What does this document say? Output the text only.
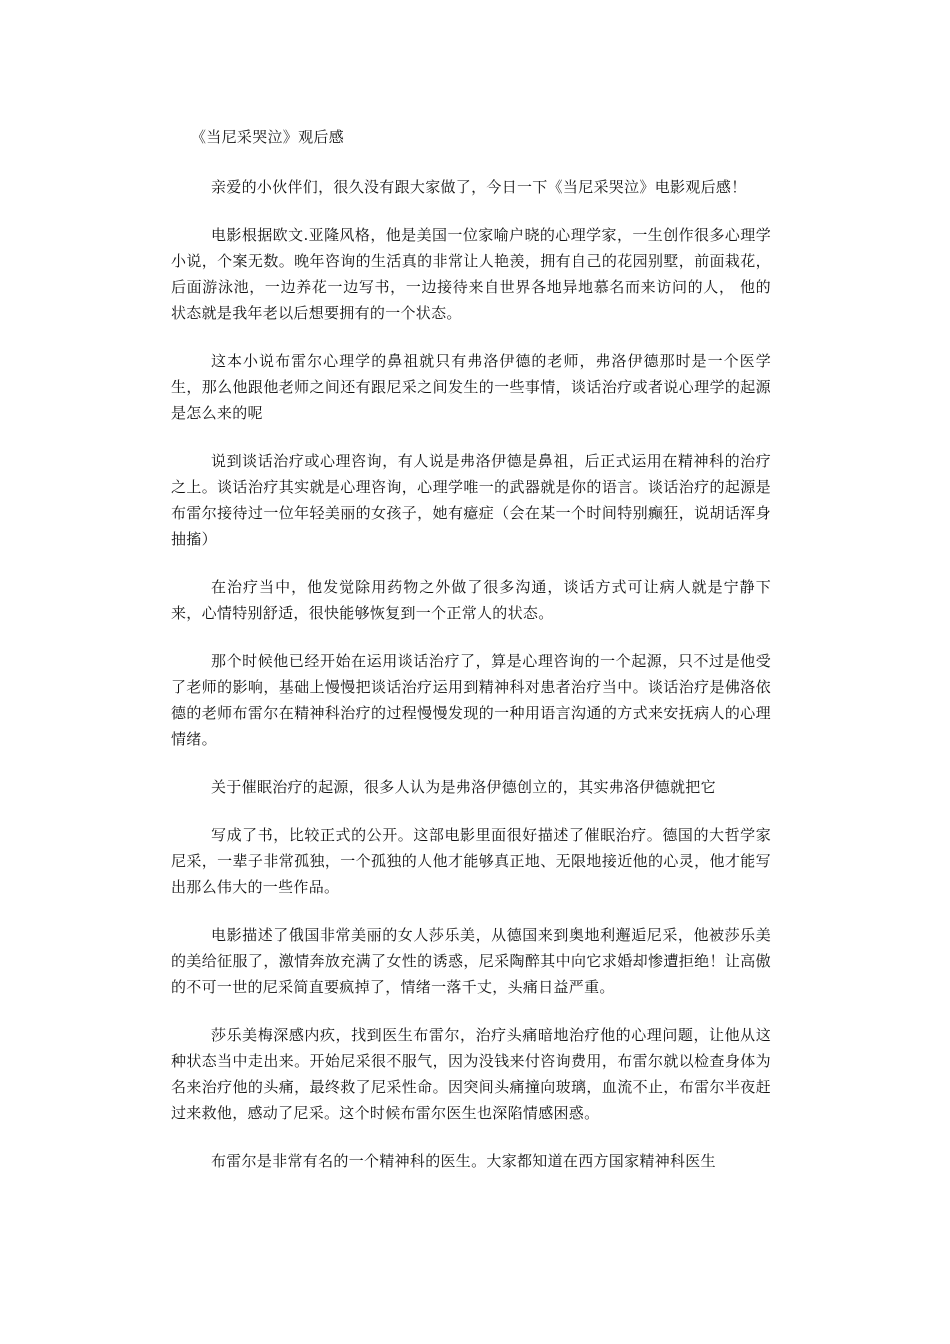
《当尼采哭泣》观后感

亲爱的小伙伴们，很久没有跟大家做了，今日一下《当尼采哭泣》电影观后感！

电影根据欧文.亚隆风格，他是美国一位家喻户晓的心理学家，一生创作很多心理学小说，个案无数。晚年咨询的生活真的非常让人艳羡，拥有自己的花园别墅，前面栽花，后面游泳池，一边养花一边写书，一边接待来自世界各地异地慕名而来访问的人， 他的状态就是我年老以后想要拥有的一个状态。

这本小说布雷尔心理学的鼻祖就只有弗洛伊德的老师，弗洛伊德那时是一个医学生，那么他跟他老师之间还有跟尼采之间发生的一些事情，谈话治疗或者说心理学的起源是怎么来的呢

说到谈话治疗或心理咨询，有人说是弗洛伊德是鼻祖，后正式运用在精神科的治疗之上。谈话治疗其实就是心理咨询，心理学唯一的武器就是你的语言。谈话治疗的起源是布雷尔接待过一位年轻美丽的女孩子，她有癔症（会在某一个时间特别癫狂，说胡话浑身抽搐）

在治疗当中，他发觉除用药物之外做了很多沟通，谈话方式可让病人就是宁静下来，心情特别舒适，很快能够恢复到一个正常人的状态。

那个时候他已经开始在运用谈话治疗了，算是心理咨询的一个起源，只不过是他受了老师的影响，基础上慢慢把谈话治疗运用到精神科对患者治疗当中。谈话治疗是佛洛依德的老师布雷尔在精神科治疗的过程慢慢发现的一种用语言沟通的方式来安抚病人的心理情绪。

关于催眠治疗的起源，很多人认为是弗洛伊德创立的，其实弗洛伊德就把它

写成了书，比较正式的公开。这部电影里面很好描述了催眠治疗。德国的大哲学家尼采，一辈子非常孤独，一个孤独的人他才能够真正地、无限地接近他的心灵，他才能写出那么伟大的一些作品。

电影描述了俄国非常美丽的女人莎乐美，从德国来到奥地利邂逅尼采，他被莎乐美的美给征服了，激情奔放充满了女性的诱惑，尼采陶醉其中向它求婚却惨遭拒绝！让高傲的不可一世的尼采简直要疯掉了，情绪一落千丈，头痛日益严重。

莎乐美梅深感内疚，找到医生布雷尔，治疗头痛暗地治疗他的心理问题，让他从这种状态当中走出来。开始尼采很不服气，因为没钱来付咨询费用，布雷尔就以检查身体为名来治疗他的头痛，最终救了尼采性命。因突间头痛撞向玻璃，血流不止，布雷尔半夜赶过来救他，感动了尼采。这个时候布雷尔医生也深陷情感困惑。

布雷尔是非常有名的一个精神科的医生。大家都知道在西方国家精神科医生
